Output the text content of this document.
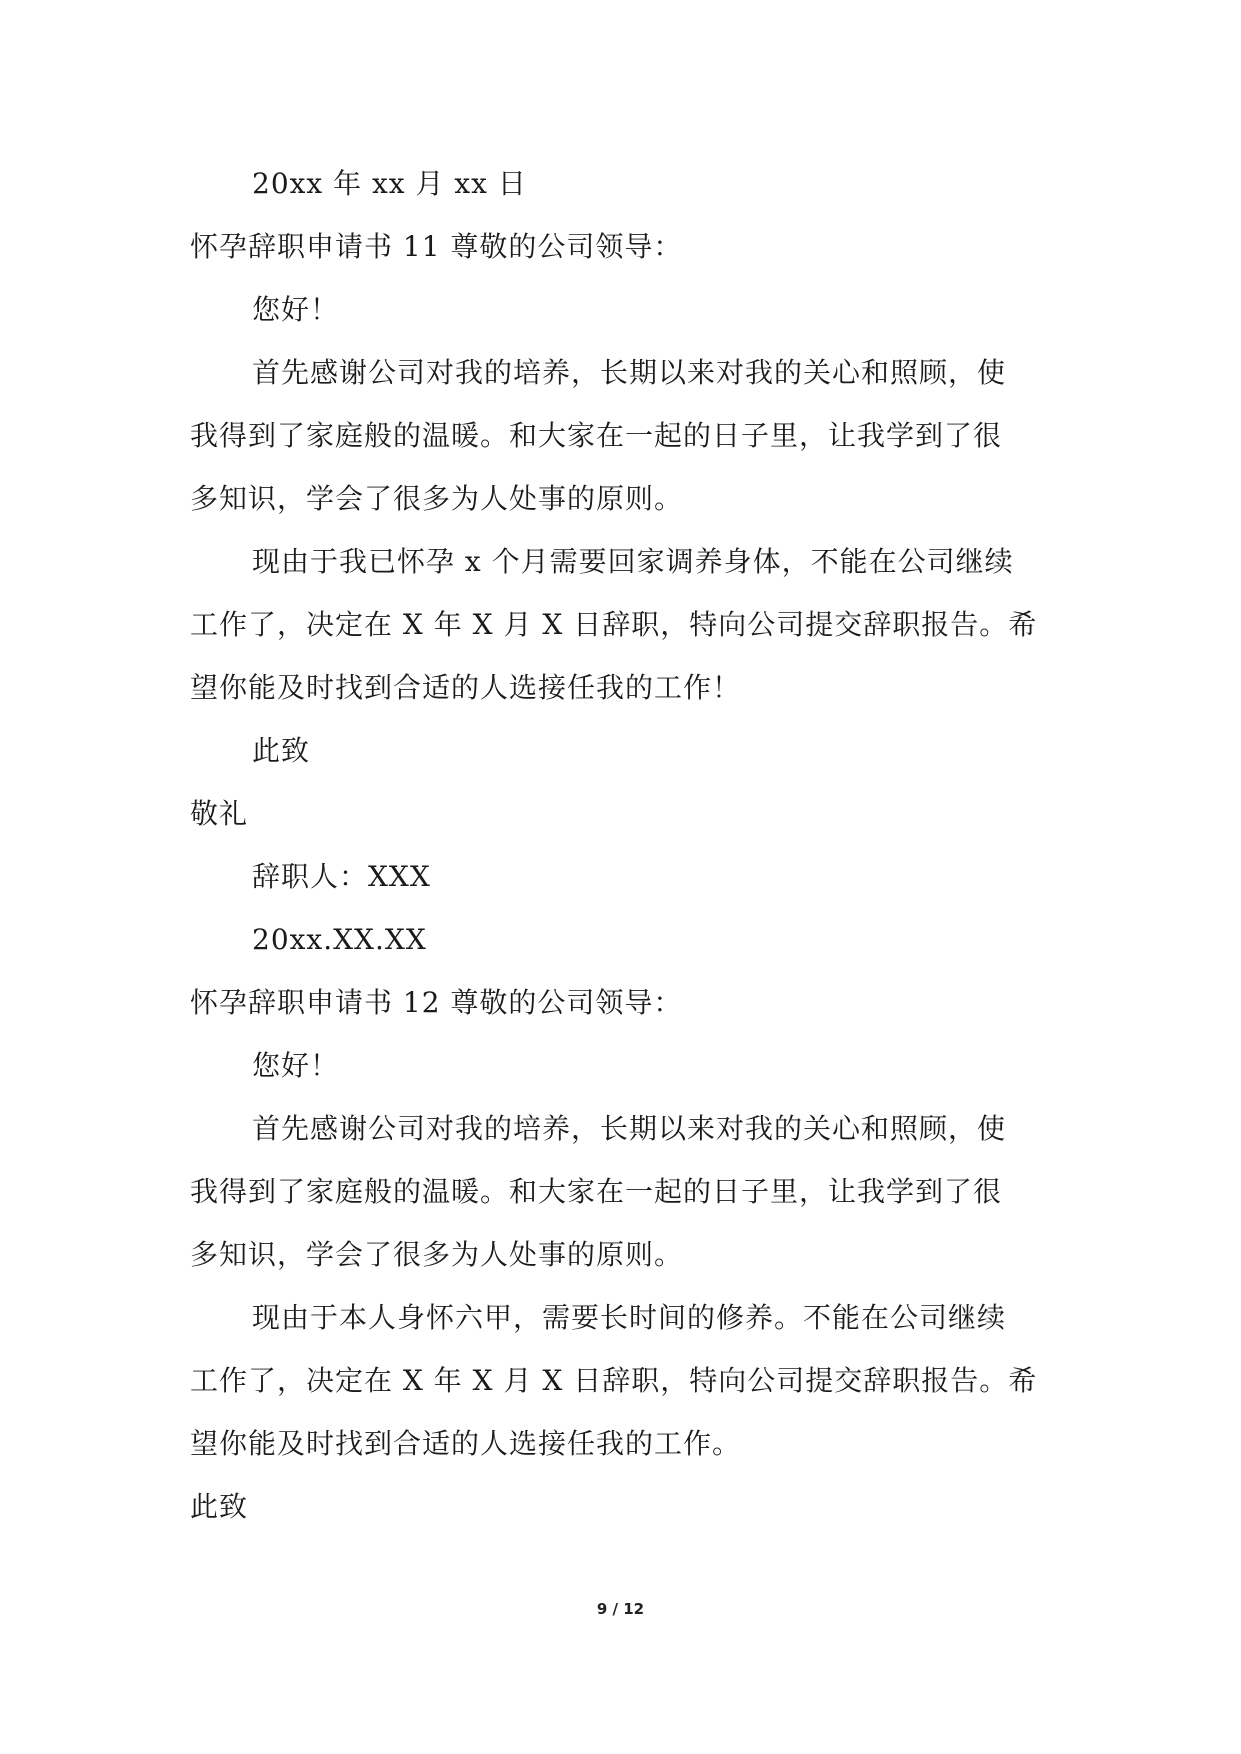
20xx 年 xx 月 xx 日
怀孕辞职申请书 11 尊敬的公司领导：
您好！
首先感谢公司对我的培养，长期以来对我的关心和照顾，使
我得到了家庭般的温暖。和大家在一起的日子里，让我学到了很
多知识，学会了很多为人处事的原则。
现由于我已怀孕 x 个月需要回家调养身体，不能在公司继续
工作了，决定在 X 年 X 月 X 日辞职，特向公司提交辞职报告。希
望你能及时找到合适的人选接任我的工作！
此致
敬礼
辞职人：XXX
20xx.XX.XX
怀孕辞职申请书 12 尊敬的公司领导：
您好！
首先感谢公司对我的培养，长期以来对我的关心和照顾，使
我得到了家庭般的温暖。和大家在一起的日子里，让我学到了很
多知识，学会了很多为人处事的原则。
现由于本人身怀六甲，需要长时间的修养。不能在公司继续
工作了，决定在 X 年 X 月 X 日辞职，特向公司提交辞职报告。希
望你能及时找到合适的人选接任我的工作。
此致
9 / 12
